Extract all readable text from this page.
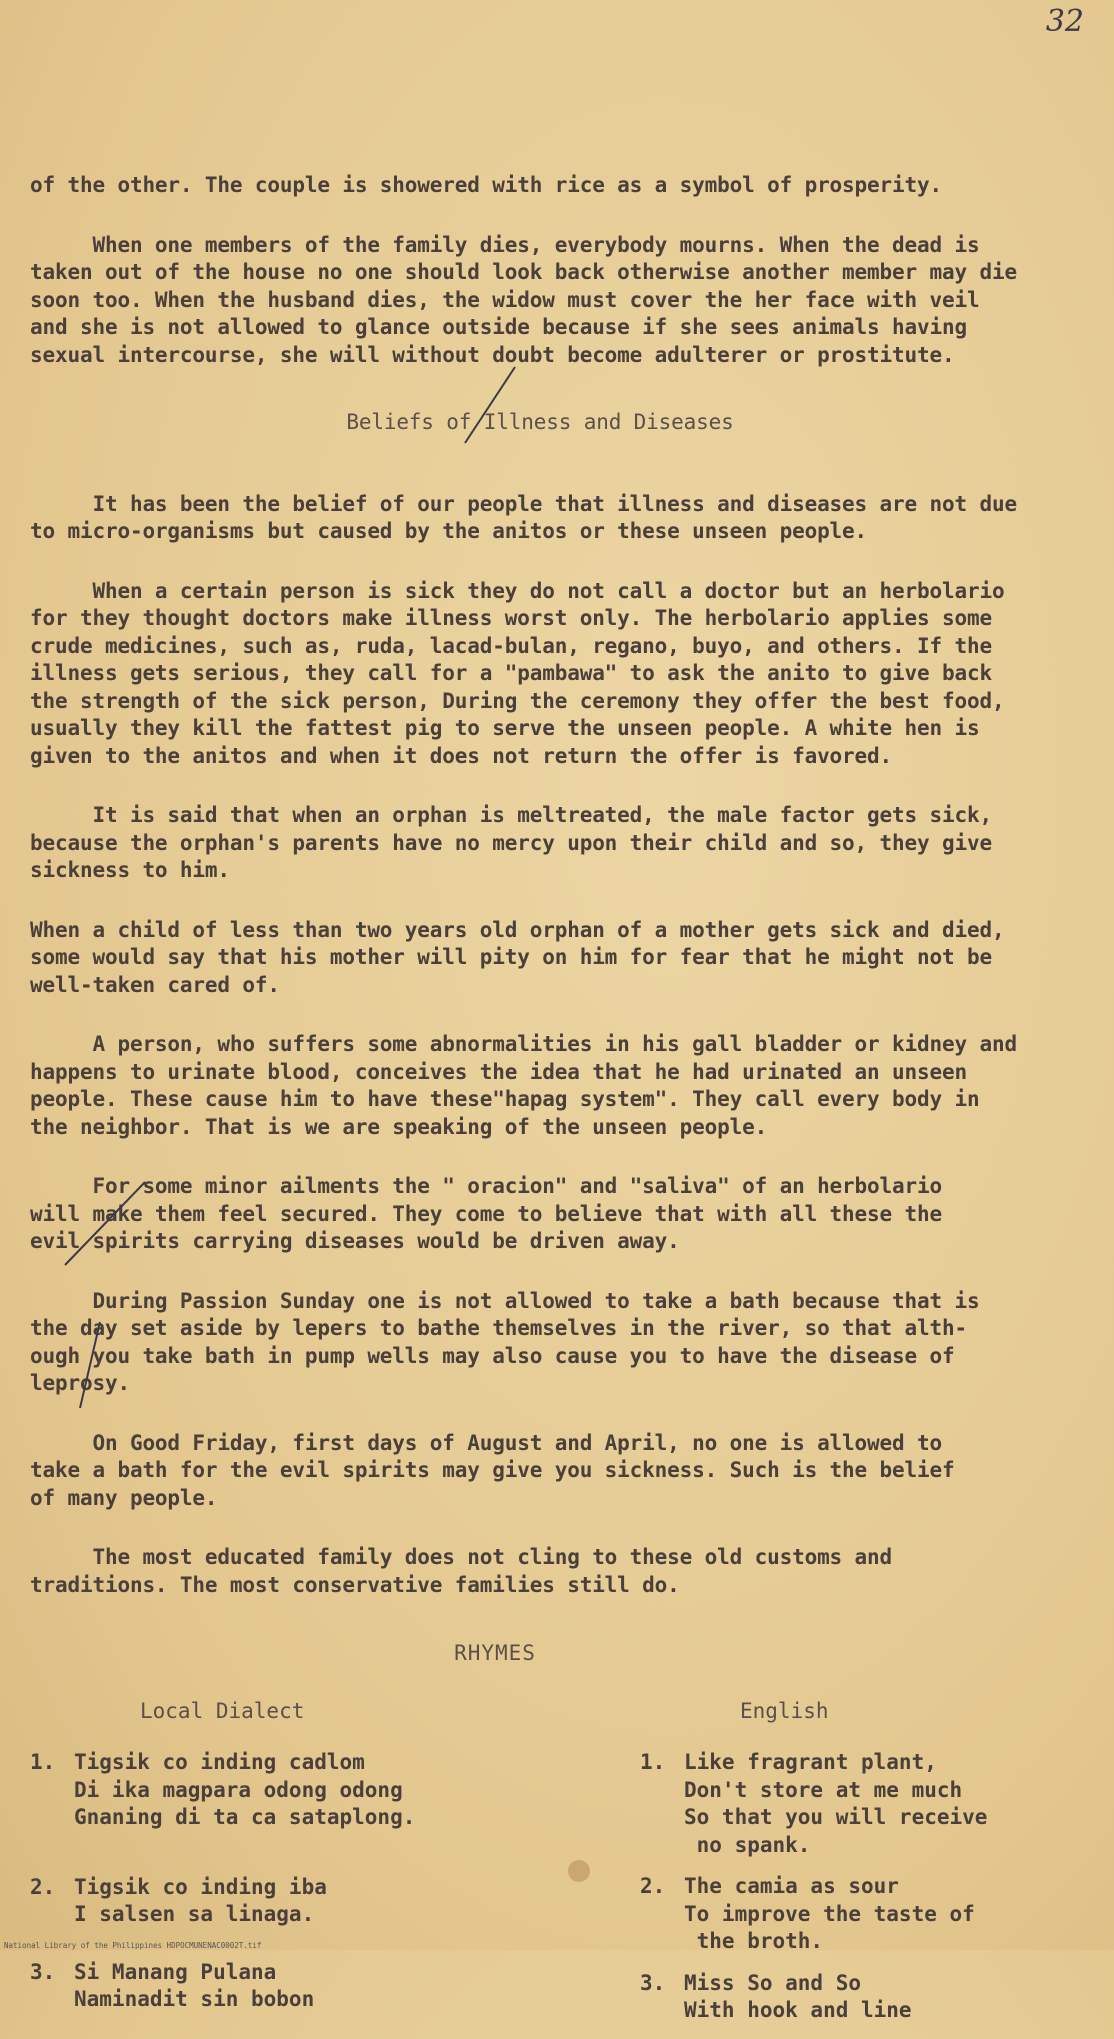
32
of the other. The couple is showered with rice as a symbol of prosperity.
When one members of the family dies, everybody mourns. When the dead is
taken out of the house no one should look back otherwise another member may die
soon too. When the husband dies, the widow must cover the her face with veil
and she is not allowed to glance outside because if she sees animals having
sexual intercourse, she will without doubt become adulterer or prostitute.
Beliefs of Illness and Diseases
It has been the belief of our people that illness and diseases are not due
to micro-organisms but caused by the anitos or these unseen people.
When a certain person is sick they do not call a doctor but an herbolario
for they thought doctors make illness worst only. The herbolario applies some
crude medicines, such as, ruda, lacad-bulan, regano, buyo, and others. If the
illness gets serious, they call for a "pambawa" to ask the anito to give back
the strength of the sick person, During the ceremony they offer the best food,
usually they kill the fattest pig to serve the unseen people. A white hen is
given to the anitos and when it does not return the offer is favored.
It is said that when an orphan is meltreated, the male factor gets sick,
because the orphan's parents have no mercy upon their child and so, they give
sickness to him.
When a child of less than two years old orphan of a mother gets sick and died,
some would say that his mother will pity on him for fear that he might not be
well-taken cared of.
A person, who suffers some abnormalities in his gall bladder or kidney and
happens to urinate blood, conceives the idea that he had urinated an unseen
people. These cause him to have these"hapag system". They call every body in
the neighbor. That is we are speaking of the unseen people.
For some minor ailments the " oracion" and "saliva" of an herbolario
will make them feel secured. They come to believe that with all these the
evil spirits carrying diseases would be driven away.
During Passion Sunday one is not allowed to take a bath because that is
the day set aside by lepers to bathe themselves in the river, so that alth-
ough you take bath in pump wells may also cause you to have the disease of
leprosy.
On Good Friday, first days of August and April, no one is allowed to
take a bath for the evil spirits may give you sickness. Such is the belief
of many people.
The most educated family does not cling to these old customs and
traditions. The most conservative families still do.
RHYMES
Local Dialect
1. Tigsik co inding cadlom
Di ika magpara odong odong
Gnaning di ta ca sataplong.
2. Tigsik co inding iba
I salsen sa linaga.
3. Si Manang Pulana
Naminadit sin bobon
English
1. Like fragrant plant,
Don't store at me much
So that you will receive
no spank.
2. The camia as sour
To improve the taste of
the broth.
3. Miss So and So
With hook and line
National Library of the Philippines HDPOCMUNENAC0002T.tif
